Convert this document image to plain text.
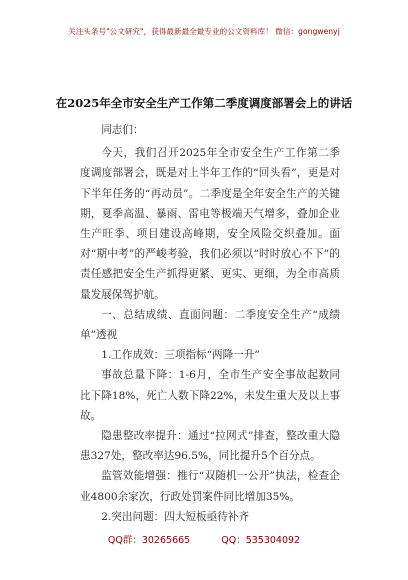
关注头条号"公文研究"，获得最新最全最专业的公文资料库！ 微信：gongwenyj
在2025年全市安全生产工作第二季度调度部署会上的讲话

同志们：

今天，我们召开2025年全市安全生产工作第二季度调度部署会，既是对上半年工作的“回头看”，更是对下半年任务的“再动员”。二季度是全年安全生产的关键期，夏季高温、暴雨、雷电等极端天气增多，叠加企业生产旺季、项目建设高峰期，安全风险交织叠加。面对“期中考”的严峻考验，我们必须以“时时放心不下”的责任感把安全生产抓得更紧、更实、更细，为全市高质量发展保驾护航。

一、总结成绩、直面问题：二季度安全生产“成绩单”透视

1.工作成效：三项指标“两降一升”

事故总量下降：1-6月，全市生产安全事故起数同比下降18%，死亡人数下降22%，未发生重大及以上事故。

隐患整改率提升：通过“拉网式”排查，整改重大隐患327处，整改率达96.5%，同比提升5个百分点。

监管效能增强：推行“双随机一公开”执法，检查企业4800余家次，行政处罚案件同比增加35%。

2.突出问题：四大短板亟待补齐

QQ群：30265665	QQ：535304092
